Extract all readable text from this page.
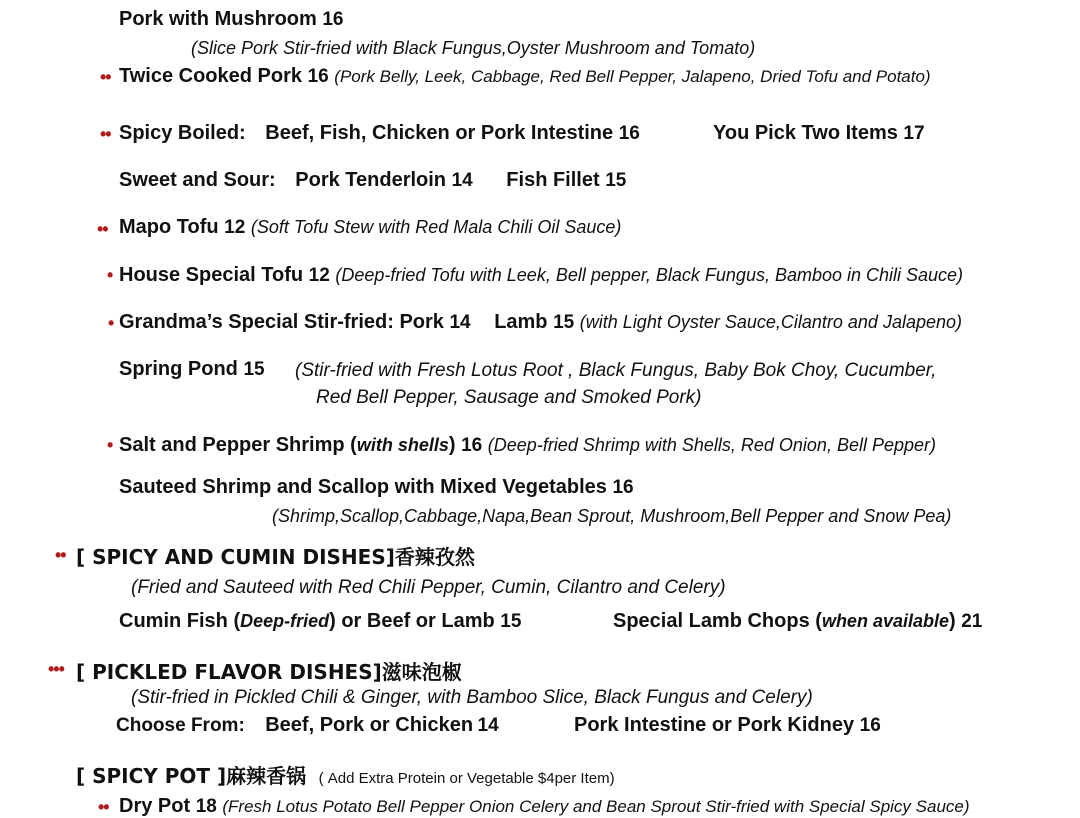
Pork with Mushroom 16
(Slice Pork Stir-fried with Black Fungus,Oyster Mushroom and Tomato)
•• Twice Cooked Pork 16 (Pork Belly, Leek, Cabbage, Red Bell Pepper, Jalapeno, Dried Tofu and Potato)
•• Spicy Boiled: Beef, Fish, Chicken or Pork Intestine 16	You Pick Two Items 17
Sweet and Sour: Pork Tenderloin 14 Fish Fillet 15
•• Mapo Tofu 12 (Soft Tofu Stew with Red Mala Chili Oil Sauce)
• House Special Tofu 12 (Deep-fried Tofu with Leek, Bell pepper, Black Fungus, Bamboo in Chili Sauce)
• Grandma’s Special Stir-fried: Pork 14 Lamb 15 (with Light Oyster Sauce,Cilantro and Jalapeno)
Spring Pond 15 (Stir-fried with Fresh Lotus Root , Black Fungus, Baby Bok Choy, Cucumber,
Red Bell Pepper, Sausage and Smoked Pork)
• Salt and Pepper Shrimp (with shells) 16 (Deep-fried Shrimp with Shells, Red Onion, Bell Pepper)
Sauteed Shrimp and Scallop with Mixed Vegetables 16
(Shrimp,Scallop,Cabbage,Napa,Bean Sprout, Mushroom,Bell Pepper and Snow Pea)
•• [ SPICY AND CUMIN DISHES]香辣孜然
(Fried and Sauteed with Red Chili Pepper, Cumin, Cilantro and Celery)
Cumin Fish (Deep-fried) or Beef or Lamb 15	Special Lamb Chops (when available) 21
••• [ PICKLED FLAVOR DISHES]滋味泡椒
(Stir-fried in Pickled Chili & Ginger, with Bamboo Slice, Black Fungus and Celery)
Choose From: Beef, Pork or Chicken 14	Pork Intestine or Pork Kidney 16
[ SPICY POT ]麻辣香锅 ( Add Extra Protein or Vegetable $4per Item)
•• Dry Pot 18 (Fresh Lotus Potato Bell Pepper Onion Celery and Bean Sprout Stir-fried with Special Spicy Sauce)
